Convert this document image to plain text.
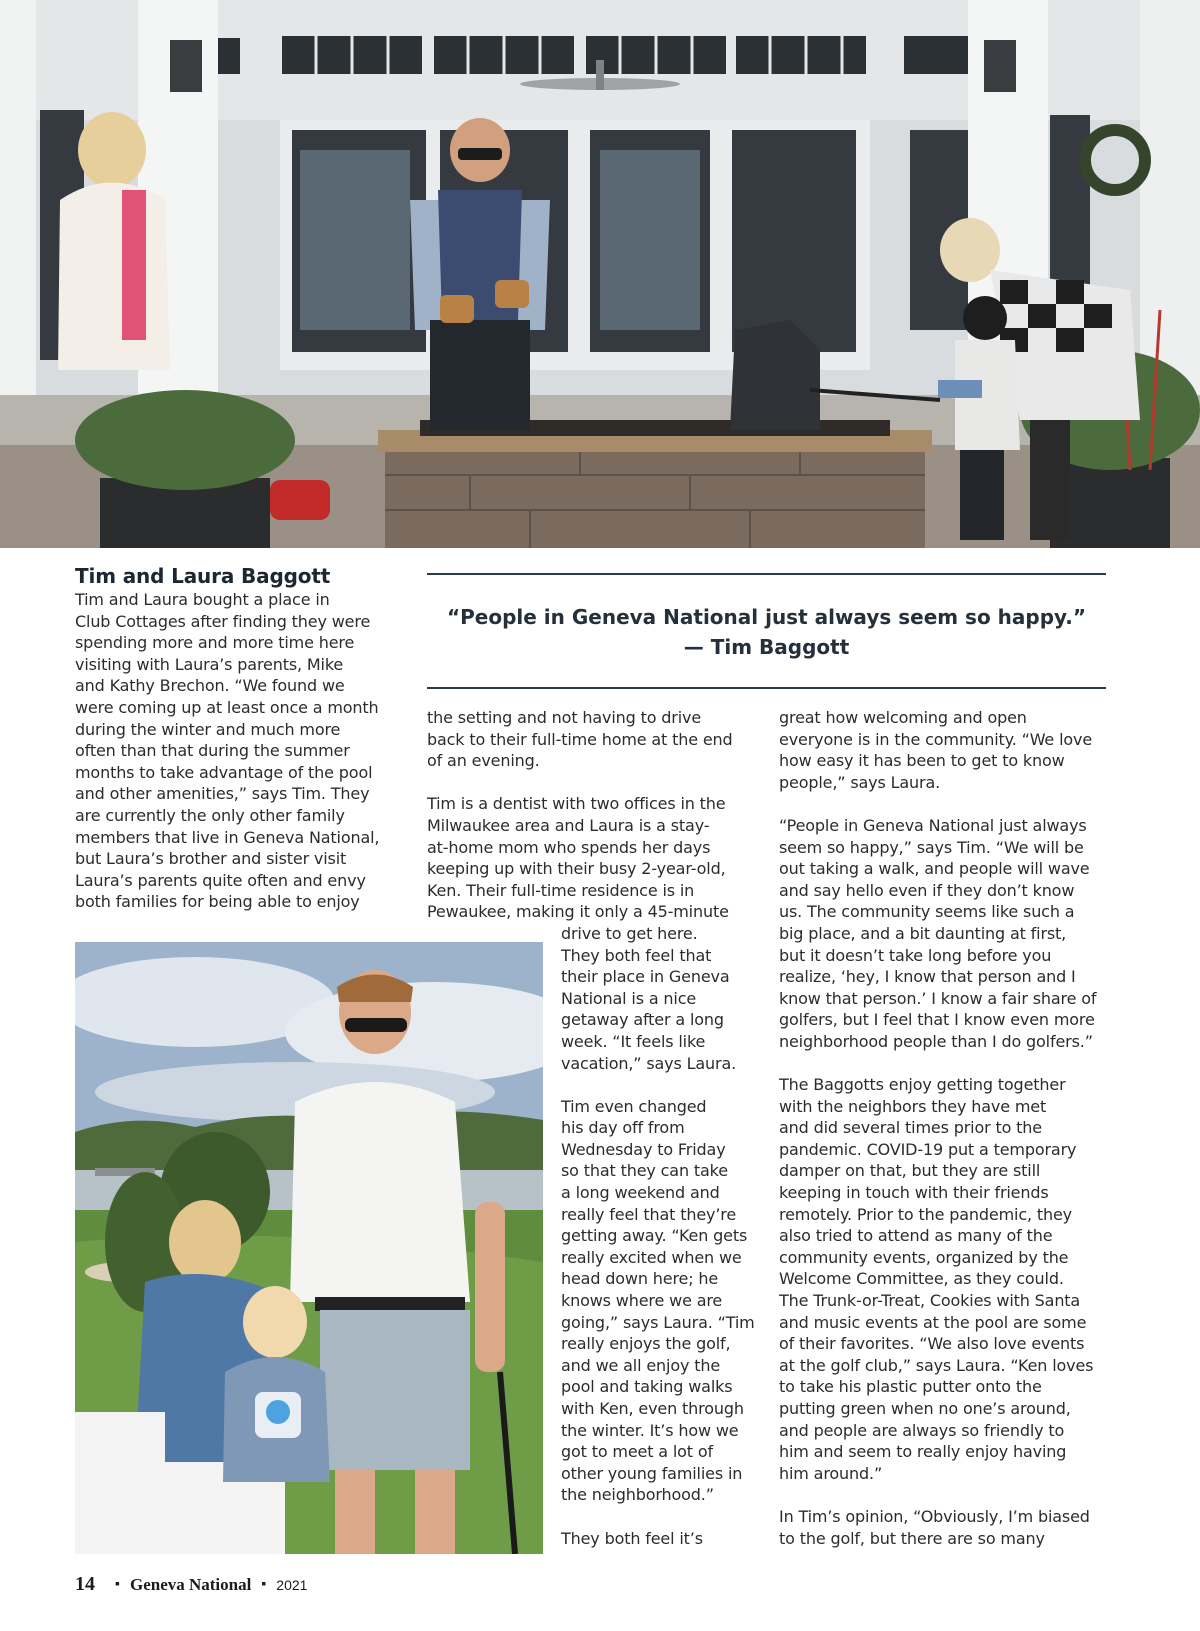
Tim and Laura Baggott

Tim and Laura bought a place in
Club Cottages after finding they were
spending more and more time here
visiting with Laura’s parents, Mike
and Kathy Brechon. “We found we
were coming up at least once a month
during the winter and much more
often than that during the summer
months to take advantage of the pool
and other amenities,” says Tim. They
are currently the only other family
members that live in Geneva National,
but Laura’s brother and sister visit
Laura’s parents quite often and envy
both families for being able to enjoy

“People in Geneva National just always seem so happy.”
— Tim Baggott

the setting and not having to drive
back to their full-time home at the end
of an evening.

Tim is a dentist with two offices in the
Milwaukee area and Laura is a stay-
at-home mom who spends her days
keeping up with their busy 2-year-old,
Ken. Their full-time residence is in
Pewaukee, making it only a 45-minute

drive to get here.
They both feel that
their place in Geneva
National is a nice
getaway after a long
week. “It feels like
vacation,” says Laura.

Tim even changed
his day off from
Wednesday to Friday
so that they can take
a long weekend and
really feel that they’re
getting away. “Ken gets
really excited when we
head down here; he
knows where we are
going,” says Laura. “Tim
really enjoys the golf,
and we all enjoy the
pool and taking walks
with Ken, even through
the winter. It’s how we
got to meet a lot of
other young families in
the neighborhood.”

They both feel it’s

great how welcoming and open
everyone is in the community. “We love
how easy it has been to get to know
people,” says Laura.

“People in Geneva National just always
seem so happy,” says Tim. “We will be
out taking a walk, and people will wave
and say hello even if they don’t know
us. The community seems like such a
big place, and a bit daunting at first,
but it doesn’t take long before you
realize, ‘hey, I know that person and I
know that person.’ I know a fair share of
golfers, but I feel that I know even more
neighborhood people than I do golfers.”

The Baggotts enjoy getting together
with the neighbors they have met
and did several times prior to the
pandemic. COVID-19 put a temporary
damper on that, but they are still
keeping in touch with their friends
remotely. Prior to the pandemic, they
also tried to attend as many of the
community events, organized by the
Welcome Committee, as they could.
The Trunk-or-Treat, Cookies with Santa
and music events at the pool are some
of their favorites. “We also love events
at the golf club,” says Laura. “Ken loves
to take his plastic putter onto the
putting green when no one’s around,
and people are always so friendly to
him and seem to really enjoy having
him around.”

In Tim’s opinion, “Obviously, I’m biased
to the golf, but there are so many

14 ▪ Geneva National ▪ 2021
